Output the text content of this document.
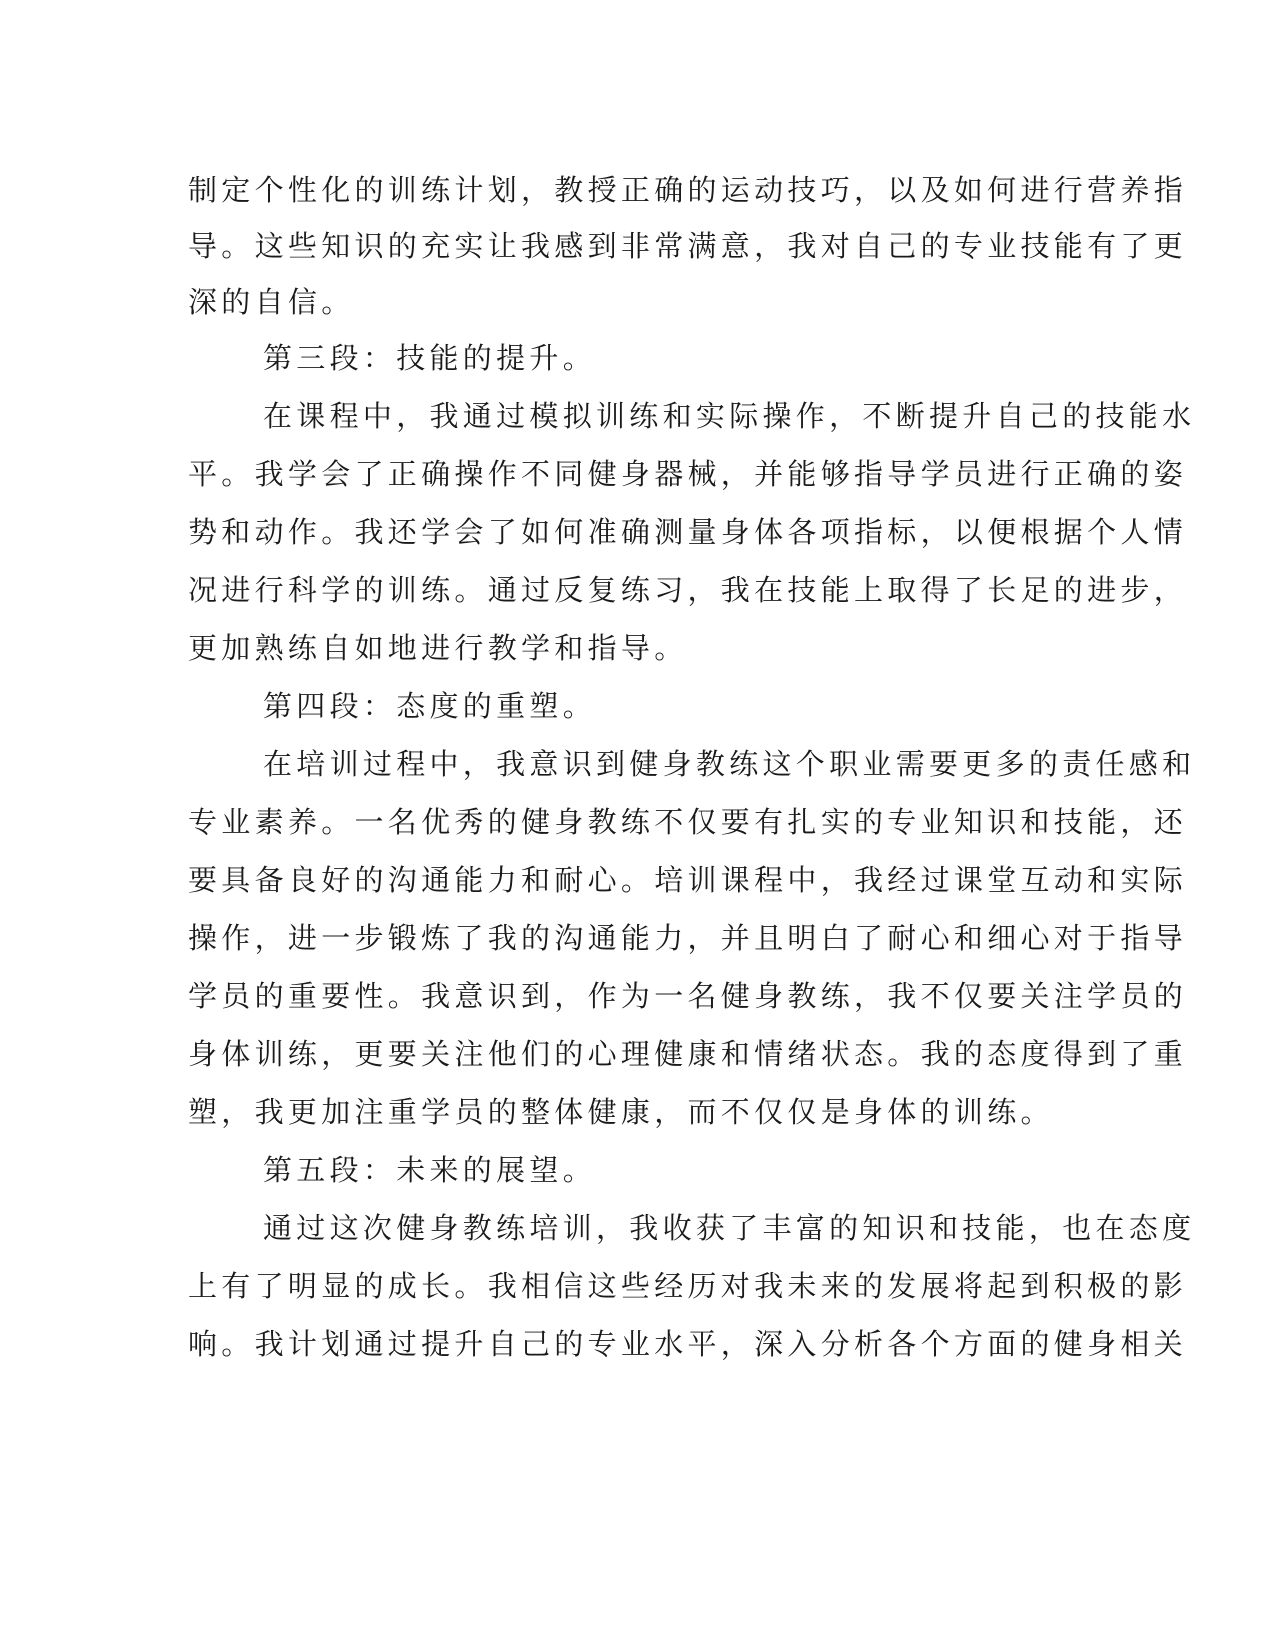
制定个性化的训练计划，教授正确的运动技巧，以及如何进行营养指
导。这些知识的充实让我感到非常满意，我对自己的专业技能有了更
深的自信。
第三段：技能的提升。
在课程中，我通过模拟训练和实际操作，不断提升自己的技能水
平。我学会了正确操作不同健身器械，并能够指导学员进行正确的姿
势和动作。我还学会了如何准确测量身体各项指标，以便根据个人情
况进行科学的训练。通过反复练习，我在技能上取得了长足的进步，
更加熟练自如地进行教学和指导。
第四段：态度的重塑。
在培训过程中，我意识到健身教练这个职业需要更多的责任感和
专业素养。一名优秀的健身教练不仅要有扎实的专业知识和技能，还
要具备良好的沟通能力和耐心。培训课程中，我经过课堂互动和实际
操作，进一步锻炼了我的沟通能力，并且明白了耐心和细心对于指导
学员的重要性。我意识到，作为一名健身教练，我不仅要关注学员的
身体训练，更要关注他们的心理健康和情绪状态。我的态度得到了重
塑，我更加注重学员的整体健康，而不仅仅是身体的训练。
第五段：未来的展望。
通过这次健身教练培训，我收获了丰富的知识和技能，也在态度
上有了明显的成长。我相信这些经历对我未来的发展将起到积极的影
响。我计划通过提升自己的专业水平，深入分析各个方面的健身相关
